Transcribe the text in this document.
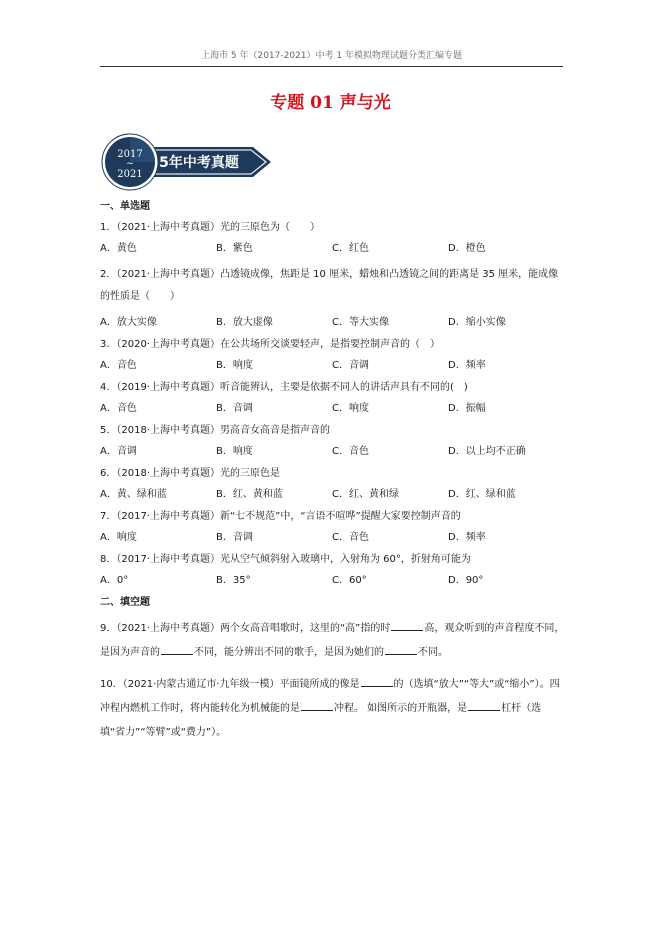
上海市 5 年（2017-2021）中考 1 年模拟物理试题分类汇编专题
专题 01 声与光
2017
~
2021
5年中考真题
一、单选题
1．（2021·上海中考真题）光的三原色为（　　）
A．黄色	B．紫色	C．红色	D．橙色
2．（2021·上海中考真题）凸透镜成像，焦距是 10 厘米，蜡烛和凸透镜之间的距离是 35 厘米，能成像的性质是（　　）
A．放大实像	B．放大虚像	C．等大实像	D．缩小实像
3．（2020·上海中考真题）在公共场所交谈要轻声，是指要控制声音的（　）
A．音色	B．响度	C．音调	D．频率
4．（2019·上海中考真题）听音能辨认，主要是依据不同人的讲话声具有不同的(　)
A．音色	B．音调	C．响度	D．振幅
5．（2018·上海中考真题）男高音女高音是指声音的
A．音调	B．响度	C．音色	D．以上均不正确
6．（2018·上海中考真题）光的三原色是
A．黄、绿和蓝	B．红、黄和蓝	C．红、黄和绿	D．红、绿和蓝
7．（2017·上海中考真题）新“七不规范”中，“言语不喧哗”提醒大家要控制声音的
A．响度	B．音调	C．音色	D．频率
8．（2017·上海中考真题）光从空气倾斜射入玻璃中，入射角为 60°，折射角可能为
A．0°	B．35°	C．60°	D．90°
二、填空题
9．（2021·上海中考真题）两个女高音唱歌时，这里的“高”指的时	高，观众听到的声音程度不同，是因为声音的	不同，能分辨出不同的歌手，是因为她们的	不同。
10．（2021·内蒙古通辽市·九年级一模）平面镜所成的像是	的（选填“放大”“等大”或“缩小”）。四冲程内燃机工作时，将内能转化为机械能的是	冲程。 如图所示的开瓶器，是	杠杆（选填“省力”“等臂”或“费力”）。
